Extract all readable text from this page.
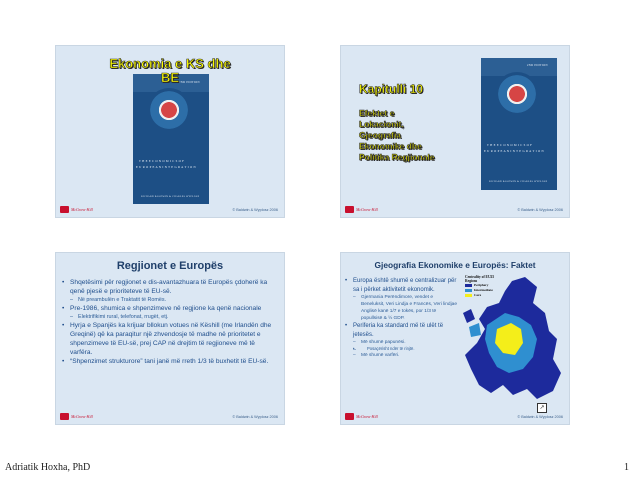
2ND EDITION
T H E E C O N O M I C S O F
E U R O P E A N I N T E G R A T I O N
RICHARD BALDWIN & CHARLES WYPLOSZ
Ekonomia e KS dhe
BE
McGraw-Hill	© Baldwin & Wyplosz 2006
2ND EDITION
T H E E C O N O M I C S O F
E U R O P E A N I N T E G R A T I O N
RICHARD BALDWIN & CHARLES WYPLOSZ
Kapitulli 10
Efektet e
Lokacionit,
Gjeografia
Ekonomike dhe
Politika Regjionale
McGraw-Hill	© Baldwin & Wyplosz 2006
Regjionet e Europës
• Shqetësimi për regjionet e dis-avantazhuara të Europës çdoherë ka qenë pjesë e prioriteteve të EU-së.
– Në preambulën e Traktatit të Romës.
• Pre-1986, shumica e shpenzimeve në regjione ka qenë nacionale
– Elektrifikimi rural, telefonat, rrugët, etj.
• Hyrja e Spanjës ka krijuar bllokun votues në Këshill (me Irlandën dhe Greqinë) që ka paraqitur një zhvendosje të madhe në prioritetet e shpenzimeve të EU-së, prej CAP në drejtim të regjioneve më të varfëra.
• “Shpenzimet strukturore” tani janë më rreth 1/3 të buxhetit të EU-së.
McGraw-Hill	© Baldwin & Wyplosz 2006
Gjeografia Ekonomike e Europës: Faktet
• Europa është shumë e centralizuar për sa i përket aktivitetit ekonomik.
– Gjermania Perëndimore, vendet e Beneluksit, Veri Lindja e Francës, Veri lindjae Anglisë kanë 1/7 e tokës, por 1/3 të popullsisë & ½ GDP.
• Periferia ka standard më të ulët të jetesës.
– Më shumë papunësi.
• – Posaçërisht ndër të rinjtë.
– Më shumë varfëri.
Centrality of EU25
Regions
Periphery
Intermediate
Core
↗
McGraw-Hill	© Baldwin & Wyplosz 2006
Adriatik Hoxha, PhD	1
